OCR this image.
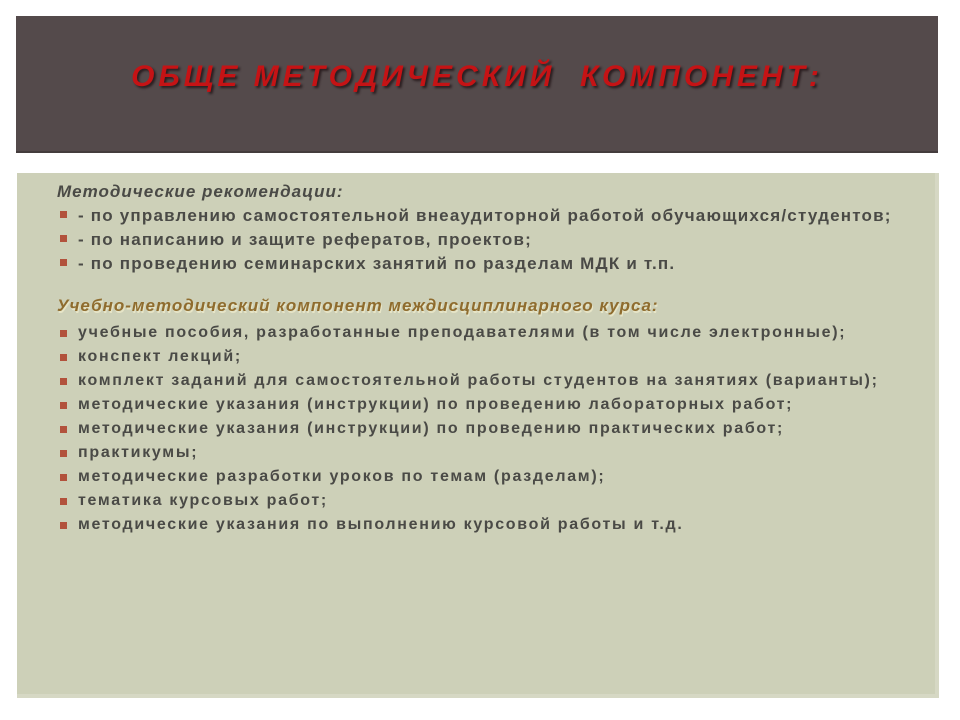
ОБЩЕ МЕТОДИЧЕСКИЙ  КОМПОНЕНТ:
Методические рекомендации:
- по управлению самостоятельной внеаудиторной работой обучающихся/студентов;
- по написанию и защите рефератов, проектов;
- по проведению семинарских занятий по разделам МДК и т.п.
Учебно-методический компонент междисциплинарного курса:
учебные пособия, разработанные преподавателями (в том числе электронные);
конспект лекций;
комплект заданий для самостоятельной работы студентов на занятиях (варианты);
методические указания (инструкции) по проведению лабораторных работ;
методические указания (инструкции) по проведению практических работ;
практикумы;
методические разработки уроков по темам (разделам);
тематика курсовых работ;
методические указания по выполнению курсовой работы и т.д.
